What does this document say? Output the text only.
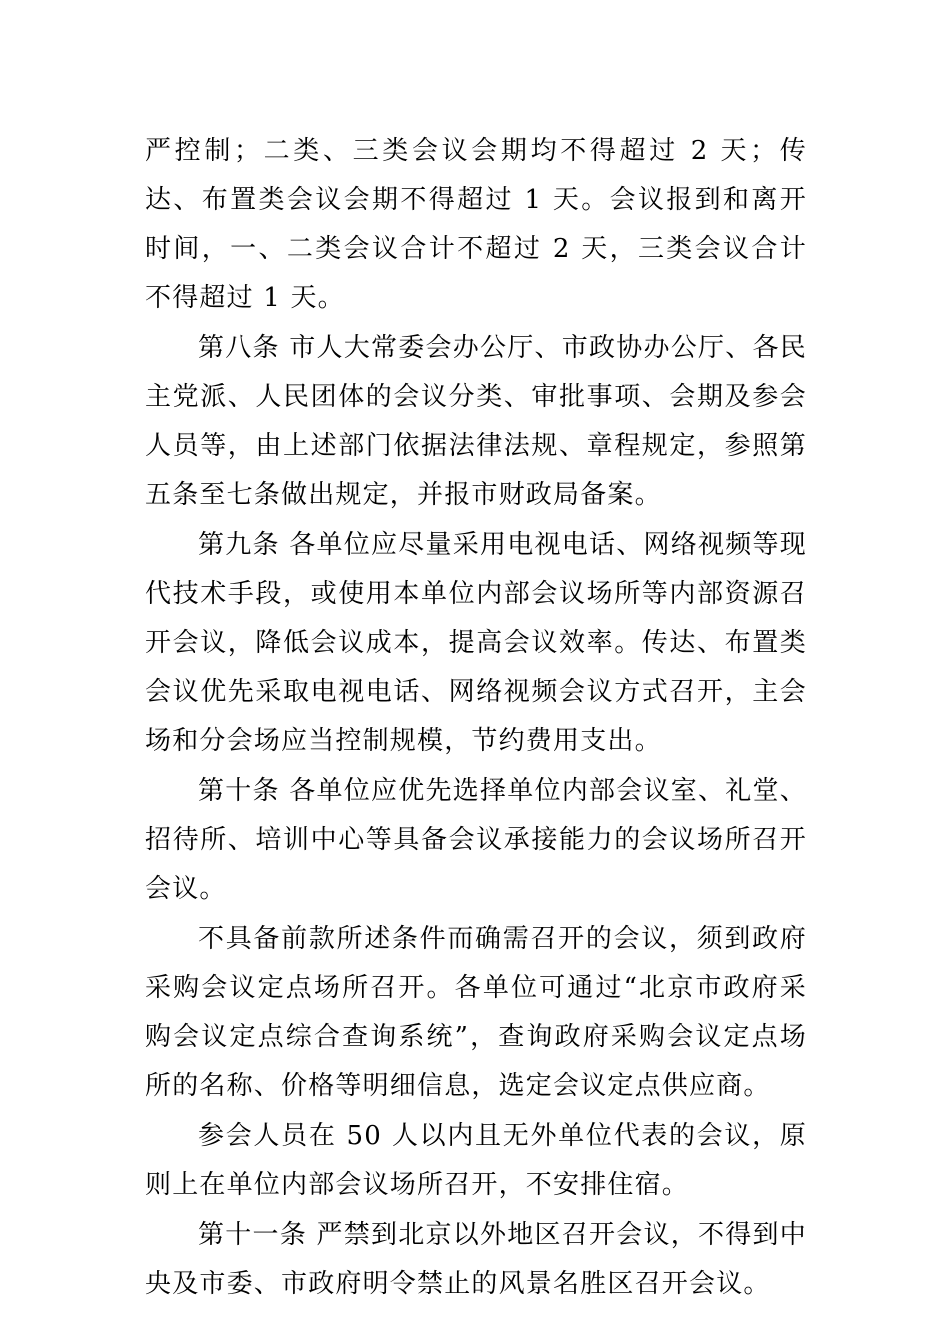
严控制；二类、三类会议会期均不得超过 2 天；传达、布置类会议会期不得超过 1 天。会议报到和离开时间，一、二类会议合计不超过 2 天，三类会议合计不得超过 1 天。

第八条 市人大常委会办公厅、市政协办公厅、各民主党派、人民团体的会议分类、审批事项、会期及参会人员等，由上述部门依据法律法规、章程规定，参照第五条至七条做出规定，并报市财政局备案。

第九条 各单位应尽量采用电视电话、网络视频等现代技术手段，或使用本单位内部会议场所等内部资源召开会议，降低会议成本，提高会议效率。传达、布置类会议优先采取电视电话、网络视频会议方式召开，主会场和分会场应当控制规模，节约费用支出。

第十条 各单位应优先选择单位内部会议室、礼堂、招待所、培训中心等具备会议承接能力的会议场所召开会议。

不具备前款所述条件而确需召开的会议，须到政府采购会议定点场所召开。各单位可通过“北京市政府采购会议定点综合查询系统”，查询政府采购会议定点场所的名称、价格等明细信息，选定会议定点供应商。

参会人员在 50 人以内且无外单位代表的会议，原则上在单位内部会议场所召开，不安排住宿。

第十一条 严禁到北京以外地区召开会议，不得到中央及市委、市政府明令禁止的风景名胜区召开会议。
